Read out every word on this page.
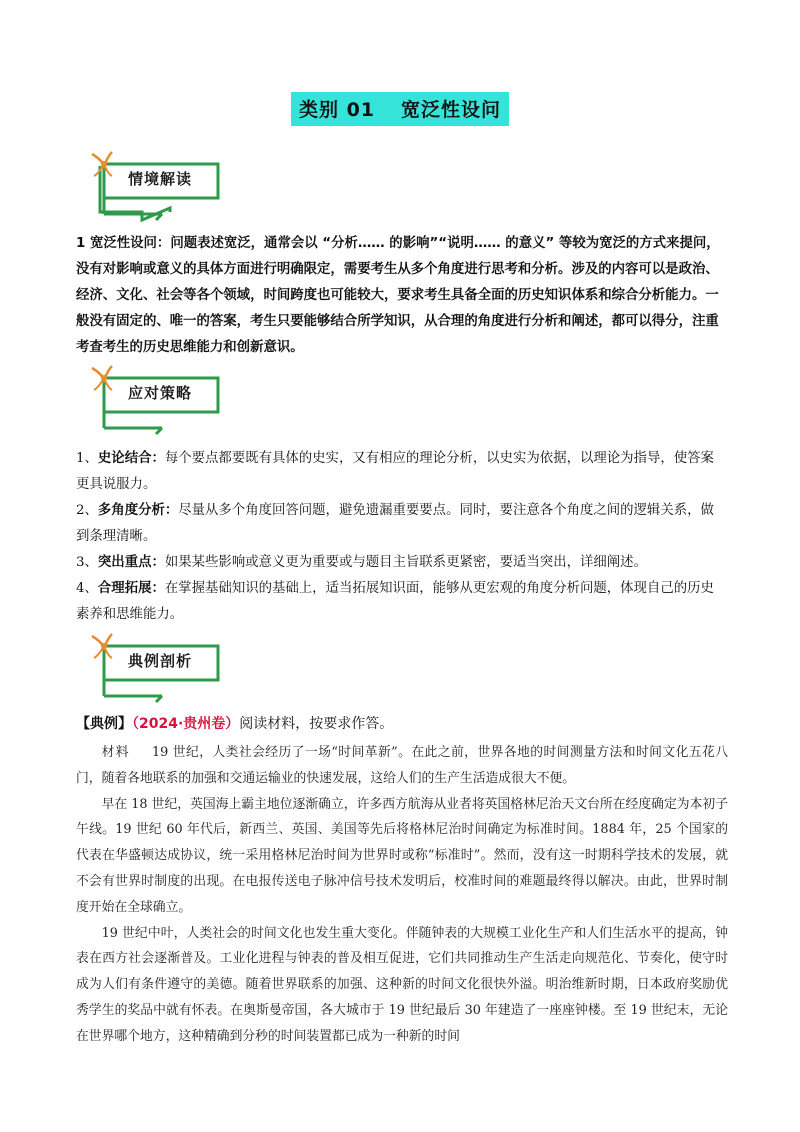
类别 01 宽泛性设问
情境解读
1 宽泛性设问：问题表述宽泛，通常会以 “分析…… 的影响”“说明…… 的意义” 等较为宽泛的方式来提问，没有对影响或意义的具体方面进行明确限定，需要考生从多个角度进行思考和分析。涉及的内容可以是政治、经济、文化、社会等各个领域，时间跨度也可能较大，要求考生具备全面的历史知识体系和综合分析能力。一般没有固定的、唯一的答案，考生只要能够结合所学知识，从合理的角度进行分析和阐述，都可以得分，注重考查考生的历史思维能力和创新意识。
应对策略

1、史论结合：每个要点都要既有具体的史实，又有相应的理论分析，以史实为依据，以理论为指导，使答案更具说服力。

2、多角度分析：尽量从多个角度回答问题，避免遗漏重要要点。同时，要注意各个角度之间的逻辑关系，做到条理清晰。

3、突出重点：如果某些影响或意义更为重要或与题目主旨联系更紧密，要适当突出，详细阐述。

4、合理拓展：在掌握基础知识的基础上，适当拓展知识面，能够从更宏观的角度分析问题，体现自己的历史素养和思维能力。

典例剖析
【典例】（2024·贵州卷）阅读材料，按要求作答。

材料 19 世纪，人类社会经历了一场“时间革新”。在此之前，世界各地的时间测量方法和时间文化五花八门，随着各地联系的加强和交通运输业的快速发展，这给人们的生产生活造成很大不便。

早在 18 世纪，英国海上霸主地位逐渐确立，许多西方航海从业者将英国格林尼治天文台所在经度确定为本初子午线。19 世纪 60 年代后，新西兰、英国、美国等先后将格林尼治时间确定为标准时间。1884 年，25 个国家的代表在华盛顿达成协议，统一采用格林尼治时间为世界时或称“标准时”。然而，没有这一时期科学技术的发展，就不会有世界时制度的出现。在电报传送电子脉冲信号技术发明后，校准时间的难题最终得以解决。由此，世界时制度开始在全球确立。

19 世纪中叶，人类社会的时间文化也发生重大变化。伴随钟表的大规模工业化生产和人们生活水平的提高，钟表在西方社会逐渐普及。工业化进程与钟表的普及相互促进，它们共同推动生产生活走向规范化、节奏化，使守时成为人们有条件遵守的美德。随着世界联系的加强、这种新的时间文化很快外溢。明治维新时期，日本政府奖励优秀学生的奖品中就有怀表。在奥斯曼帝国，各大城市于 19 世纪最后 30 年建造了一座座钟楼。至 19 世纪末，无论在世界哪个地方，这种精确到分秒的时间装置都已成为一种新的时间
